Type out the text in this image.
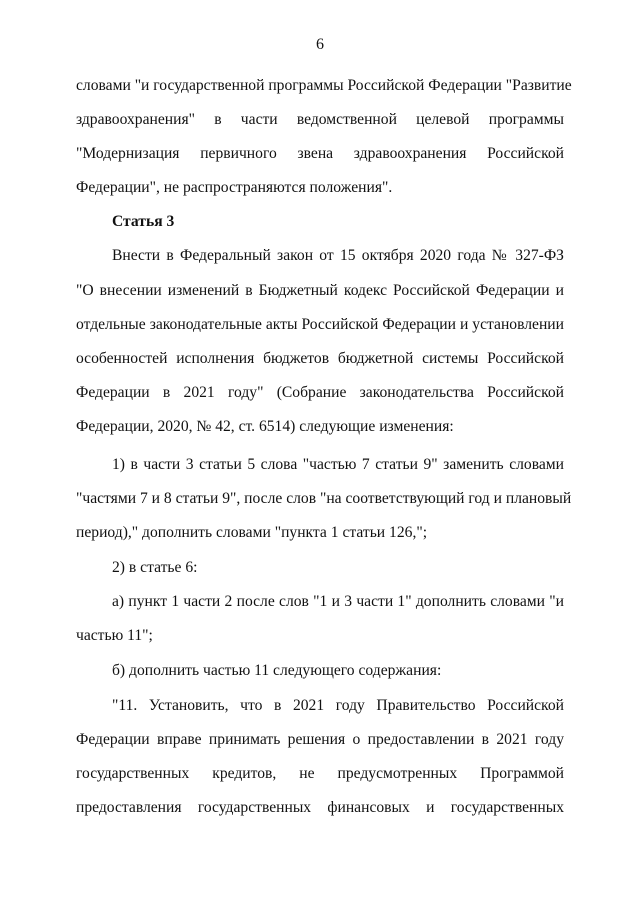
6
словами "и государственной программы Российской Федерации "Развитие
здравоохранения" в части ведомственной целевой программы
"Модернизация первичного звена здравоохранения Российской
Федерации", не распространяются положения".
Статья 3
Внести в Федеральный закон от 15 октября 2020 года № 327-ФЗ
"О внесении изменений в Бюджетный кодекс Российской Федерации и
отдельные законодательные акты Российской Федерации и установлении
особенностей исполнения бюджетов бюджетной системы Российской
Федерации в 2021 году" (Собрание законодательства Российской
Федерации, 2020, № 42, ст. 6514) следующие изменения:
1) в части 3 статьи 5 слова "частью 7 статьи 9" заменить словами
"частями 7 и 8 статьи 9", после слов "на соответствующий год и плановый
период)," дополнить словами "пункта 1 статьи 126,";
2) в статье 6:
а) пункт 1 части 2 после слов "1 и 3 части 1" дополнить словами "и
частью 11";
б) дополнить частью 11 следующего содержания:
"11. Установить, что в 2021 году Правительство Российской
Федерации вправе принимать решения о предоставлении в 2021 году
государственных кредитов, не предусмотренных Программой
предоставления государственных финансовых и государственных
